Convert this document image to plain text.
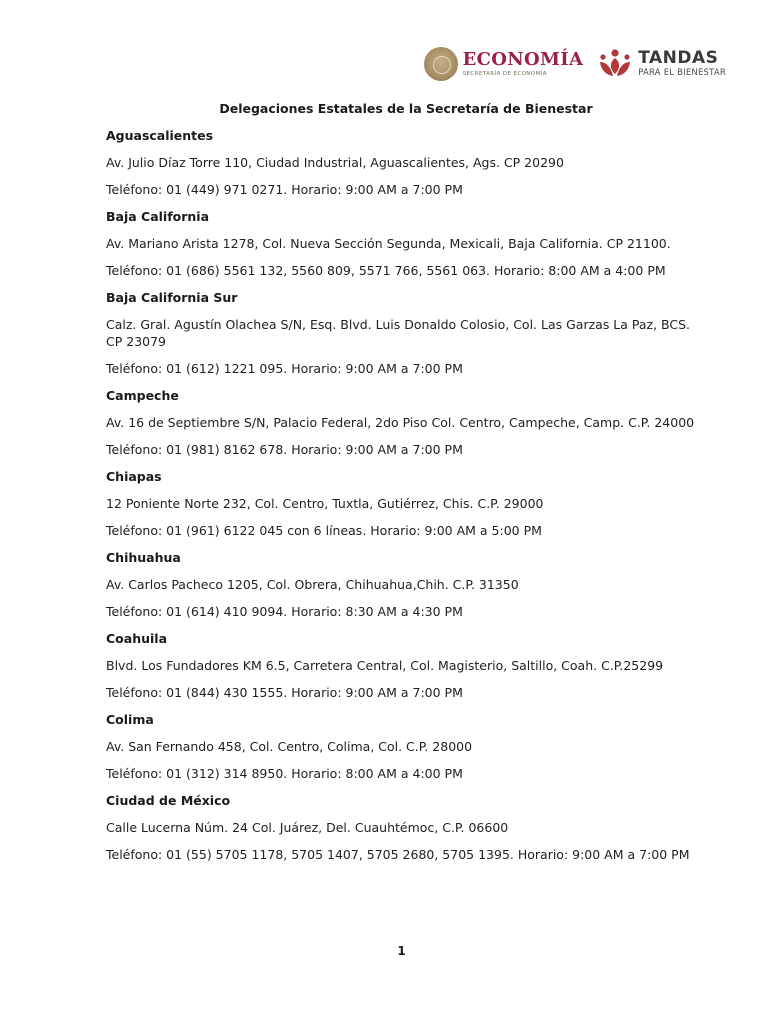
ECONOMÍA
SECRETARÍA DE ECONOMÍA
TANDAS
PARA EL BIENESTAR

Delegaciones Estatales de la Secretaría de Bienestar

Aguascalientes

Av. Julio Díaz Torre 110, Ciudad Industrial, Aguascalientes, Ags. CP 20290

Teléfono: 01 (449) 971 0271. Horario: 9:00 AM a 7:00 PM

Baja California

Av. Mariano Arista 1278, Col. Nueva Sección Segunda, Mexicali, Baja California. CP 21100.

Teléfono: 01 (686) 5561 132, 5560 809, 5571 766, 5561 063. Horario: 8:00 AM a 4:00 PM

Baja California Sur

Calz. Gral. Agustín Olachea S/N, Esq. Blvd. Luis Donaldo Colosio, Col. Las Garzas La Paz, BCS. CP 23079

Teléfono: 01 (612) 1221 095. Horario: 9:00 AM a 7:00 PM

Campeche

Av. 16 de Septiembre S/N, Palacio Federal, 2do Piso Col. Centro, Campeche, Camp. C.P. 24000

Teléfono: 01 (981) 8162 678. Horario: 9:00 AM a 7:00 PM

Chiapas

12 Poniente Norte 232, Col. Centro, Tuxtla, Gutiérrez, Chis. C.P. 29000

Teléfono: 01 (961) 6122 045 con 6 líneas. Horario: 9:00 AM a 5:00 PM

Chihuahua

Av. Carlos Pacheco 1205, Col. Obrera, Chihuahua,Chih. C.P. 31350

Teléfono: 01 (614) 410 9094. Horario: 8:30 AM a 4:30 PM

Coahuila

Blvd. Los Fundadores KM 6.5, Carretera Central, Col. Magisterio, Saltillo, Coah. C.P.25299

Teléfono: 01 (844) 430 1555. Horario: 9:00 AM a 7:00 PM

Colima

Av. San Fernando 458, Col. Centro, Colima, Col. C.P. 28000

Teléfono: 01 (312) 314 8950. Horario: 8:00 AM a 4:00 PM

Ciudad de México

Calle Lucerna Núm. 24 Col. Juárez, Del. Cuauhtémoc, C.P. 06600

Teléfono: 01 (55) 5705 1178, 5705 1407, 5705 2680, 5705 1395. Horario: 9:00 AM a 7:00 PM

1
